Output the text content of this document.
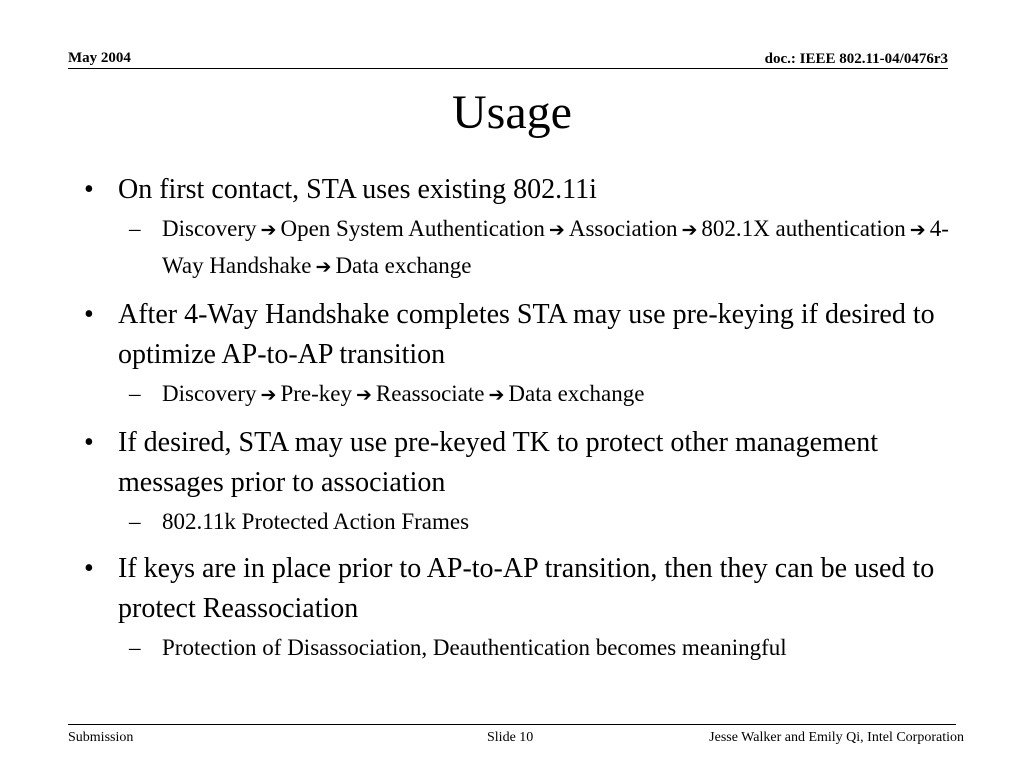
May 2004	doc.: IEEE 802.11-04/0476r3
Usage
• On first contact, STA uses existing 802.11i
– Discovery ➔ Open System Authentication ➔ Association ➔ 802.1X authentication ➔ 4-Way Handshake ➔ Data exchange
• After 4-Way Handshake completes STA may use pre-keying if desired to optimize AP-to-AP transition
– Discovery ➔ Pre-key ➔ Reassociate ➔ Data exchange
• If desired, STA may use pre-keyed TK to protect other management messages prior to association
– 802.11k Protected Action Frames
• If keys are in place prior to AP-to-AP transition, then they can be used to protect Reassociation
– Protection of Disassociation, Deauthentication becomes meaningful
Submission	Slide 10	Jesse Walker and Emily Qi, Intel Corporation
